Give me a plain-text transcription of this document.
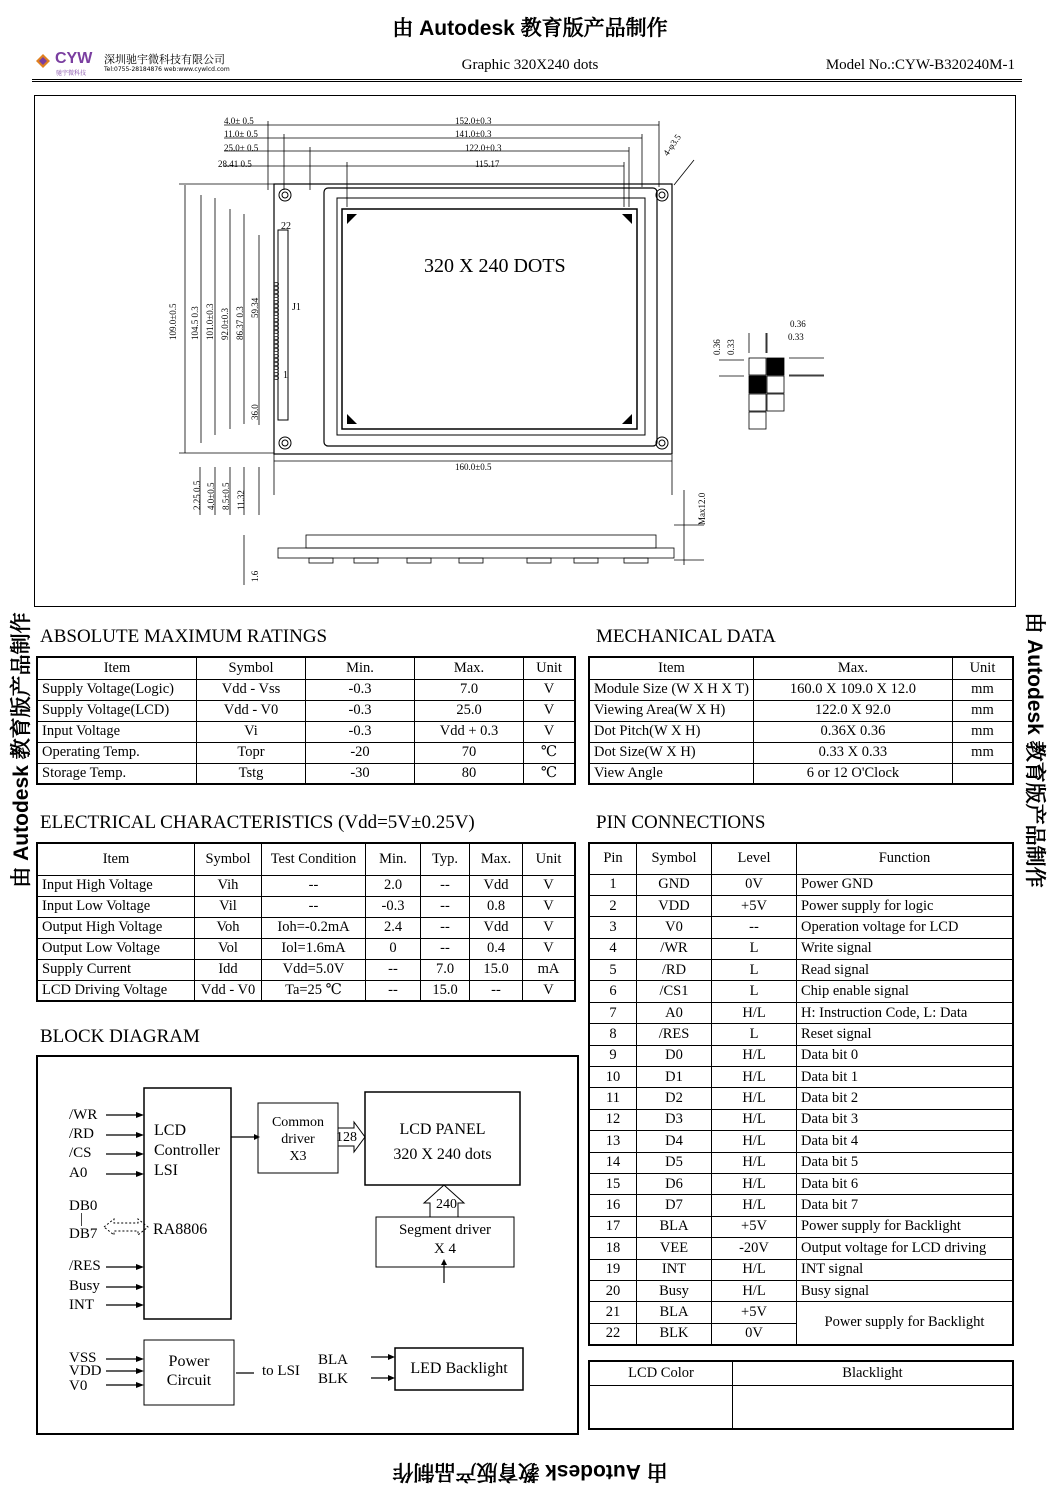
由 Autodesk 教育版产品制作
由 Autodesk 教育版产品制作
由 Autodesk 教育版产品制作	由 Autodesk 教育版产品制作
CYW
驰宇微科技
深圳驰宇微科技有限公司
Tel:0755-28184876 web:www.cywlcd.com	Graphic 320X240 dots	Model No.:CYW-B320240M-1
4.0± 0.5
11.0± 0.5
25.0± 0.5
28.41 0.5
152.0±0.3
141.0±0.3
122.0±0.3
115.17
4-φ3.5
320 X 240 DOTS
22
1
J1
00.0000.0000.0000.0000.0000
109.0±0.5 104.5 0.3 101.0±0.3 92.0±0.3 86.37 0.3 59.34
36.0
2.25 0.5 4.0±0.5 8.5±0.5 11.32
160.0±0.5
0.36 0.33
0.36
0.33
Max12.0
1.6
ABSOLUTE MAXIMUM RATINGS
Item	Symbol	Min.	Max.	Unit
Supply Voltage(Logic)	Vdd - Vss	-0.3	7.0	V
Supply Voltage(LCD)	Vdd - V0	-0.3	25.0	V
Input Voltage	Vi	-0.3	Vdd + 0.3	V
Operating Temp.	Topr	-20	70	℃
Storage Temp.	Tstg	-30	80	℃
MECHANICAL DATA
Item	Max.	Unit
Module Size (W X H X T)	160.0 X 109.0 X 12.0	mm
Viewing Area(W X H)	122.0 X 92.0	mm
Dot Pitch(W X H)	0.36X 0.36	mm
Dot Size(W X H)	0.33 X 0.33	mm
View Angle	6 or 12 O'Clock	
ELECTRICAL CHARACTERISTICS (Vdd=5V±0.25V)
Item	Symbol	Test Condition	Min.	Typ.	Max.	Unit
Input High Voltage	Vih	--	2.0	--	Vdd	V
Input Low Voltage	Vil	--	-0.3	--	0.8	V
Output High Voltage	Voh	Ioh=-0.2mA	2.4	--	Vdd	V
Output Low Voltage	Vol	Iol=1.6mA	0	--	0.4	V
Supply Current	Idd	Vdd=5.0V	--	7.0	15.0	mA
LCD Driving Voltage	Vdd - V0	Ta=25 ℃	--	15.0	--	V
PIN CONNECTIONS
Pin	Symbol	Level	Function
1	GND	0V	Power GND
2	VDD	+5V	Power supply for logic
3	V0	--	Operation voltage for LCD
4	/WR	L	Write signal
5	/RD	L	Read signal
6	/CS1	L	Chip enable signal
7	A0	H/L	H: Instruction Code, L: Data
8	/RES	L	Reset signal
9	D0	H/L	Data bit 0
10	D1	H/L	Data bit 1
11	D2	H/L	Data bit 2
12	D3	H/L	Data bit 3
13	D4	H/L	Data bit 4
14	D5	H/L	Data bit 5
15	D6	H/L	Data bit 6
16	D7	H/L	Data bit 7
17	BLA	+5V	Power supply for Backlight
18	VEE	-20V	Output voltage for LCD driving
19	INT	H/L	INT signal
20	Busy	H/L	Busy signal
21	BLA	+5V	Power supply for Backlight
22	BLK	0V	
BLOCK DIAGRAM
/WR
/RD
/CS
A0
DB0
|
DB7
/RES
Busy
INT
LCD
Controller
LSI
RA8806
Common
driver
X3
128	LCD PANEL
320 X 240 dots
240
Segment driver
X 4
VSS
VDD
V0
Power
Circuit
to LSI
BLA
BLK
LED Backlight	LCD Color	Blacklight
